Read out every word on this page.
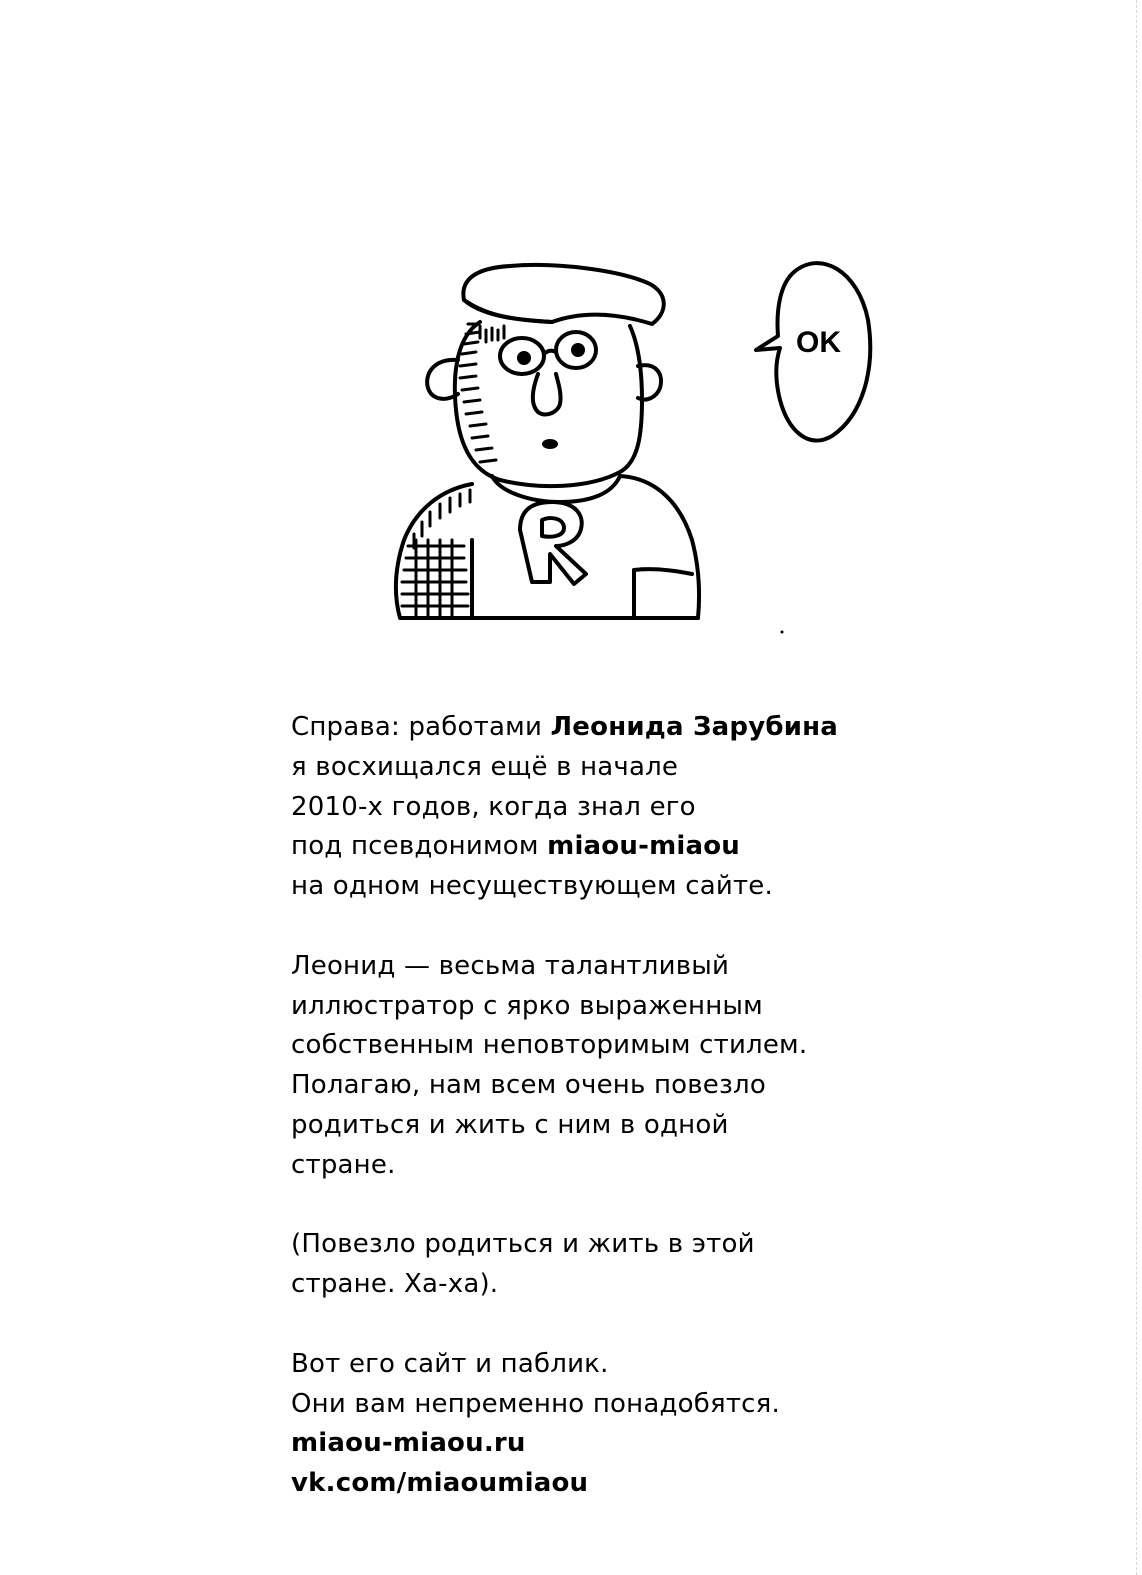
OK

Справа: работами Леонида Зарубина
я восхищался ещё в начале
2010-х годов, когда знал его
под псевдонимом miaou-miaou
на одном несуществующем сайте.

Леонид — весьма талантливый
иллюстратор с ярко выраженным
собственным неповторимым стилем.
Полагаю, нам всем очень повезло
родиться и жить с ним в одной
стране.

(Повезло родиться и жить в этой
стране. Ха-ха).

Вот его сайт и паблик.
Они вам непременно понадобятся.
miaou-miaou.ru
vk.com/miaoumiaou
